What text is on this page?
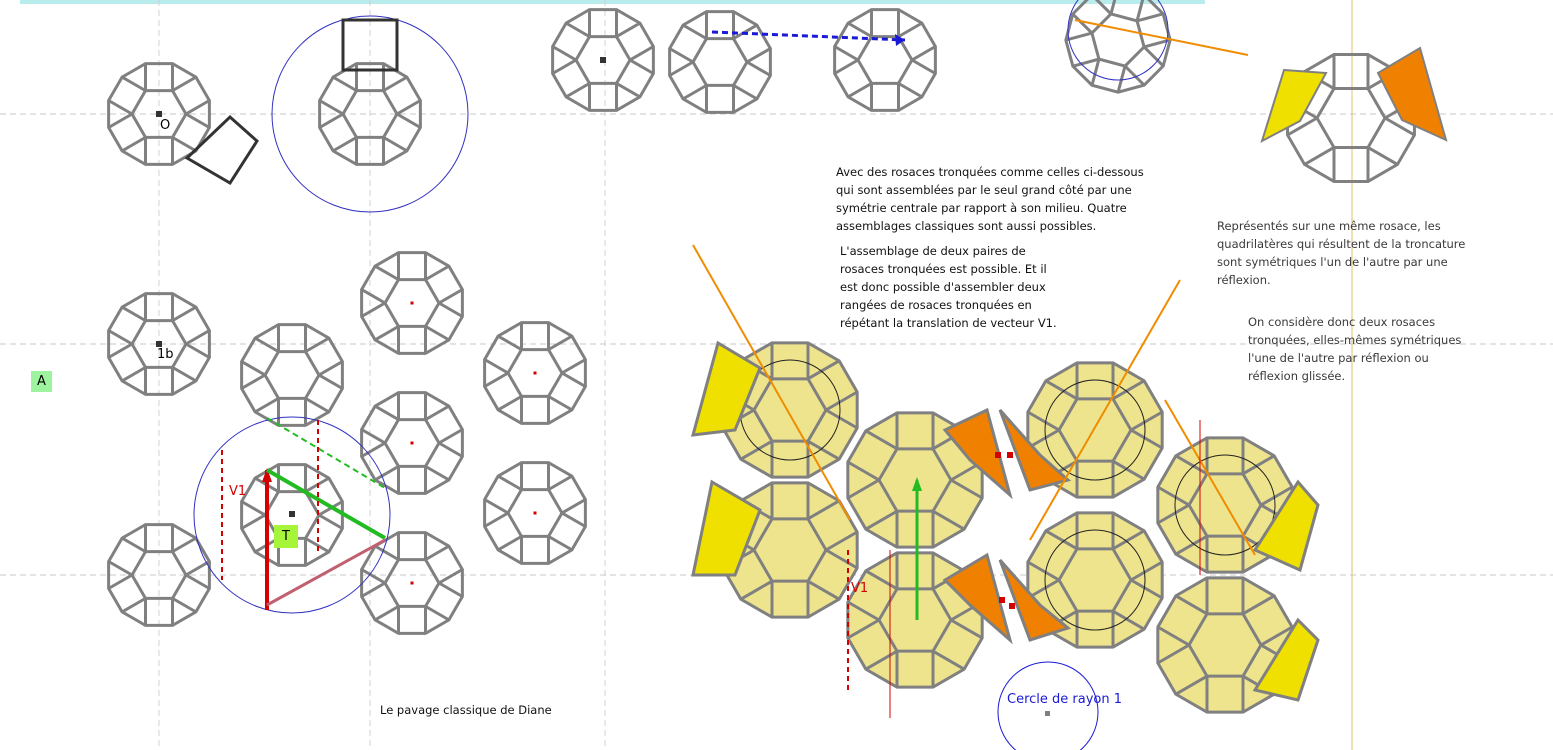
Avec des rosaces tronquées comme celles ci-dessous
qui sont assemblées par le seul grand côté par une
symétrie centrale par rapport à son milieu. Quatre
assemblages classiques sont aussi possibles.
L'assemblage de deux paires de
rosaces tronquées est possible. Et il
est donc possible d'assembler deux
rangées de rosaces tronquées en
répétant la translation de vecteur V1.
Représentés sur une même rosace, les
quadrilatères qui résultent de la troncature
sont symétriques l'un de l'autre par une
réflexion.
On considère donc deux rosaces
tronquées, elles-mêmes symétriques
l'une de l'autre par réflexion ou
réflexion glissée.
Le pavage classique de Diane
Cercle de rayon 1
O
1b
A
T
V1
V1
